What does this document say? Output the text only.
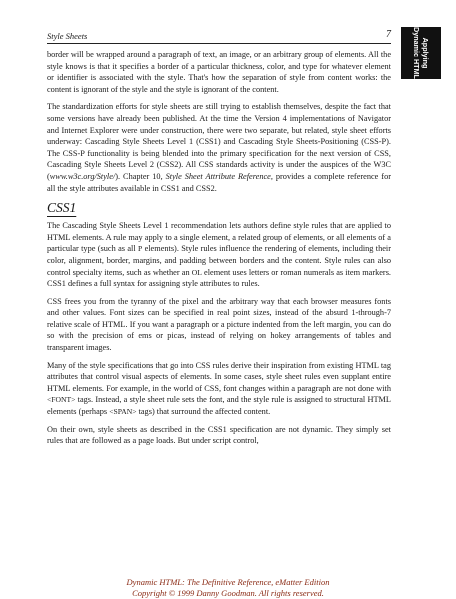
Style Sheets	7
Applying
Dynamic HTML

border will be wrapped around a paragraph of text, an image, or an arbitrary group of elements. All the style knows is that it specifies a border of a particular thickness, color, and type for whatever element or identifier is associated with the style. That's how the separation of style from content works: the content is ignorant of the style and the style is ignorant of the content.

The standardization efforts for style sheets are still trying to establish themselves, despite the fact that some versions have already been published. At the time the Version 4 implementations of Navigator and Internet Explorer were under construction, there were two separate, but related, style sheet efforts underway: Cascading Style Sheets Level 1 (CSS1) and Cascading Style Sheets-Positioning (CSS-P). The CSS-P functionality is being blended into the primary specification for the next version of CSS, Cascading Style Sheets Level 2 (CSS2). All CSS standards activity is under the auspices of the W3C (www.w3c.org/Style/). Chapter 10, Style Sheet Attribute Reference, provides a complete reference for all the style attributes available in CSS1 and CSS2.

CSS1

The Cascading Style Sheets Level 1 recommendation lets authors define style rules that are applied to HTML elements. A rule may apply to a single element, a related group of elements, or all elements of a particular type (such as all P elements). Style rules influence the rendering of elements, including their color, alignment, border, margins, and padding between borders and the content. Style rules can also control specialty items, such as whether an OL element uses letters or roman numerals as item markers. CSS1 defines a full syntax for assigning style attributes to rules.

CSS frees you from the tyranny of the pixel and the arbitrary way that each browser measures fonts and other values. Font sizes can be specified in real point sizes, instead of the absurd 1-through-7 relative scale of HTML. If you want a paragraph or a picture indented from the left margin, you can do so with the precision of ems or picas, instead of relying on hokey arrangements of tables and transparent images.

Many of the style specifications that go into CSS rules derive their inspiration from existing HTML tag attributes that control visual aspects of elements. In some cases, style sheet rules even supplant entire HTML elements. For example, in the world of CSS, font changes within a paragraph are not done with <FONT> tags. Instead, a style sheet rule sets the font, and the style rule is assigned to structural HTML elements (perhaps <SPAN> tags) that surround the affected content.

On their own, style sheets as described in the CSS1 specification are not dynamic. They simply set rules that are followed as a page loads. But under script control,

Dynamic HTML: The Definitive Reference, eMatter Edition
Copyright © 1999 Danny Goodman. All rights reserved.
